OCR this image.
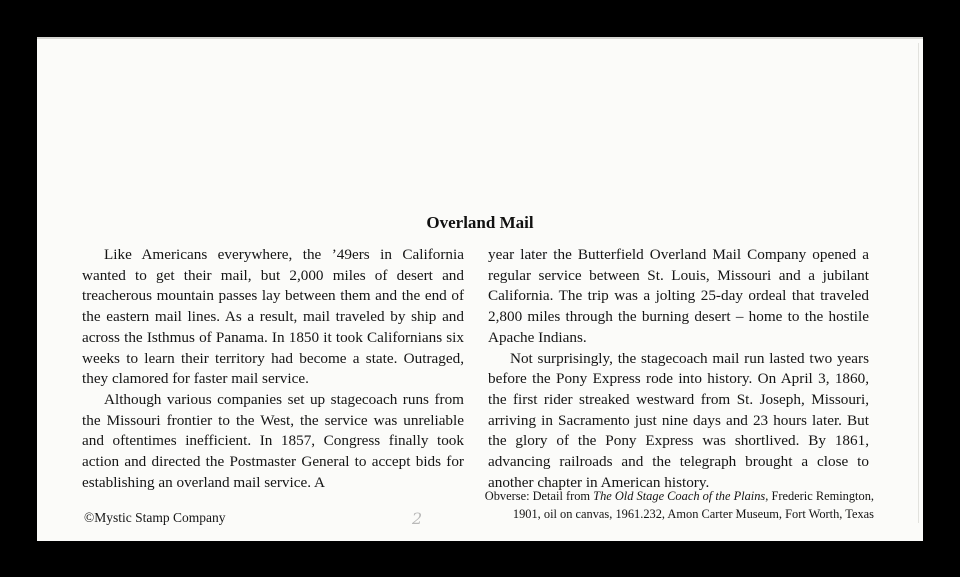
Overland Mail

Like Americans everywhere, the ’49ers in California wanted to get their mail, but 2,000 miles of desert and treacherous mountain passes lay between them and the end of the eastern mail lines. As a result, mail traveled by ship and across the Isthmus of Panama. In 1850 it took Californians six weeks to learn their territory had become a state. Outraged, they clamored for faster mail service.

Although various companies set up stagecoach runs from the Missouri frontier to the West, the service was unreliable and oftentimes inefficient. In 1857, Congress finally took action and directed the Postmaster General to accept bids for establishing an overland mail service. A

year later the Butterfield Overland Mail Company opened a regular service between St. Louis, Missouri and a jubilant California. The trip was a jolting 25-day ordeal that traveled 2,800 miles through the burning desert – home to the hostile Apache Indians.

Not surprisingly, the stagecoach mail run lasted two years before the Pony Express rode into history. On April 3, 1860, the first rider streaked westward from St. Joseph, Missouri, arriving in Sacramento just nine days and 23 hours later. But the glory of the Pony Express was shortlived. By 1861, advancing railroads and the telegraph brought a close to another chapter in American history.

Obverse: Detail from The Old Stage Coach of the Plains, Frederic Remington,
1901, oil on canvas, 1961.232, Amon Carter Museum, Fort Worth, Texas
2
©Mystic Stamp Company
